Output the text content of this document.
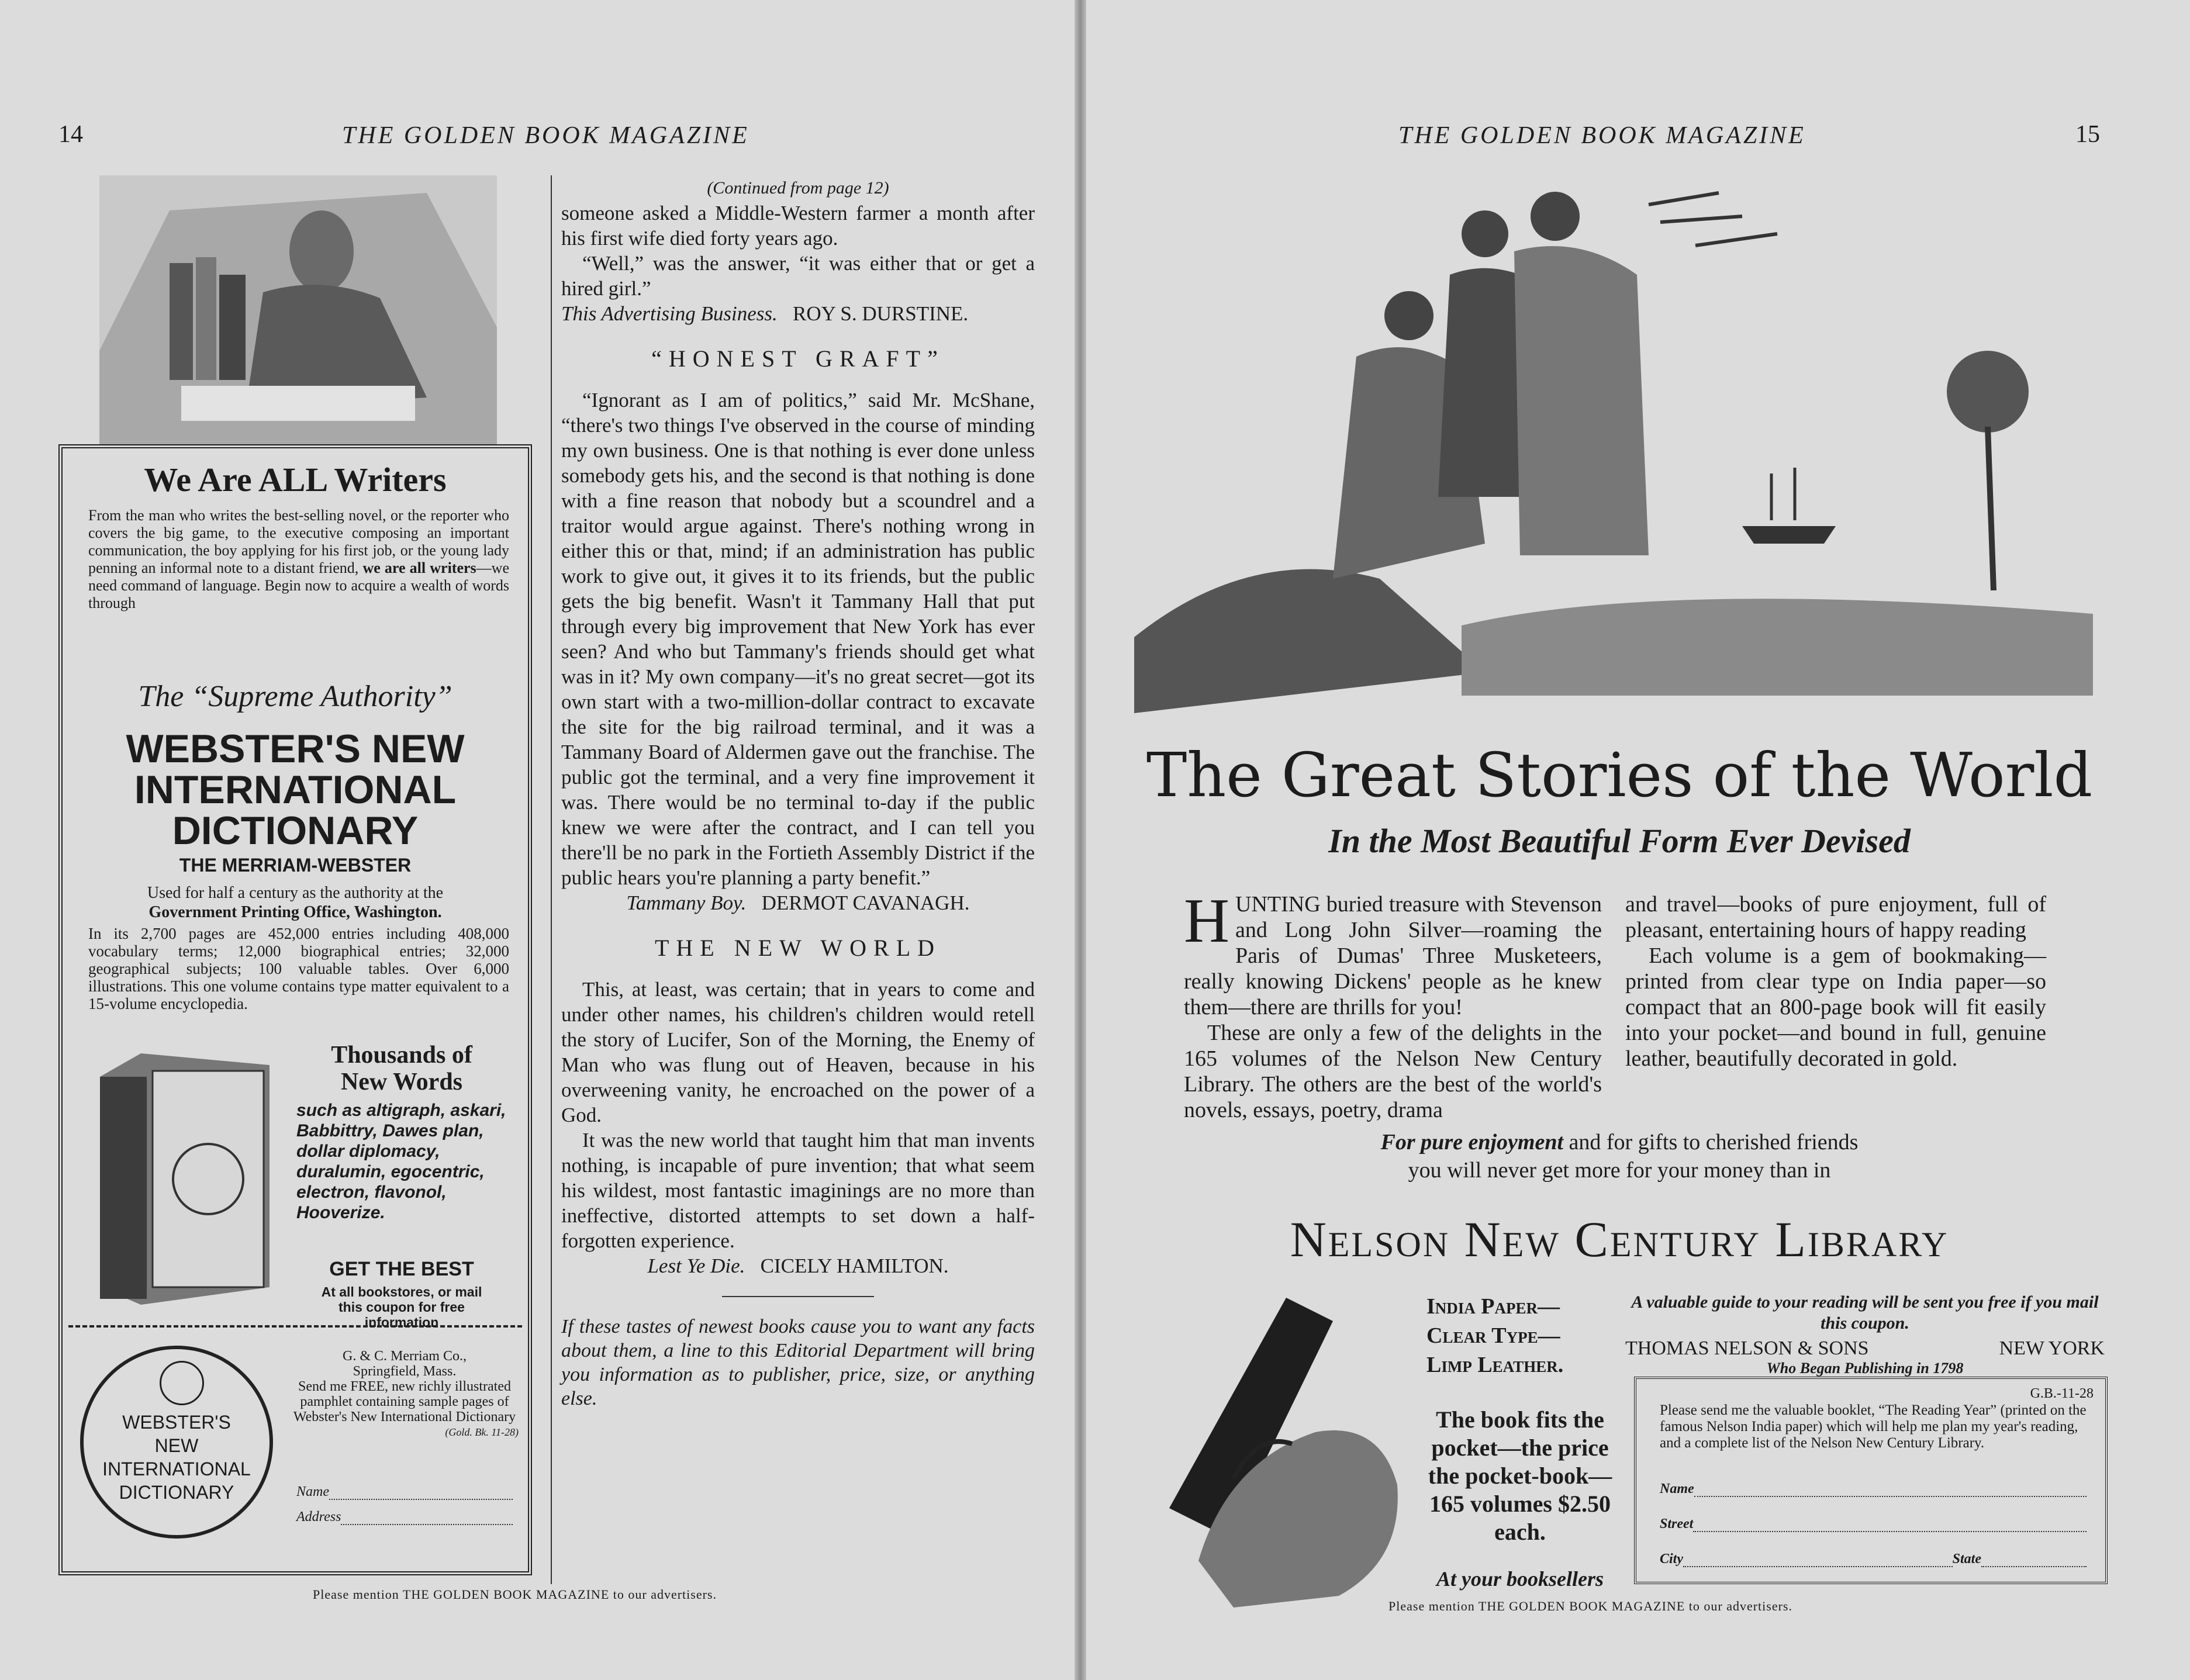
14	THE GOLDEN BOOK MAGAZINE
We Are ALL Writers
From the man who writes the best-selling novel, or the reporter who covers the big game, to the executive composing an important communication, the boy applying for his first job, or the young lady penning an informal note to a distant friend, we are all writers—we need command of language. Begin now to acquire a wealth of words through
The “Supreme Authority”
WEBSTER'S NEW
INTERNATIONAL
DICTIONARY
THE MERRIAM-WEBSTER
Used for half a century as the authority at the
Government Printing Office, Washington.
In its 2,700 pages are 452,000 entries including 408,000 vocabulary terms; 12,000 biographical entries; 32,000 geographical subjects; 100 valuable tables. Over 6,000 illustrations. This one volume contains type matter equivalent to a 15-volume encyclopedia.
Thousands of
New Words
such as altigraph, askari, Babbittry, Dawes plan, dollar diplomacy, duralumin, egocentric, electron, flavonol, Hooverize.
GET THE BEST
At all bookstores, or mail this coupon for free information
WEBSTER'S
NEW
INTERNATIONAL
DICTIONARY
G. & C. Merriam Co.,
Springfield, Mass.
Send me FREE, new richly illustrated pamphlet containing sample pages of Webster's New International Dictionary
(Gold. Bk. 11-28)
Name
Address

(Continued from page 12)

someone asked a Middle-Western farmer a month after his first wife died forty years ago.

“Well,” was the answer, “it was either that or get a hired girl.”

This Advertising Business. ROY S. DURSTINE.

“HONEST GRAFT”

“Ignorant as I am of politics,” said Mr. McShane, “there's two things I've observed in the course of minding my own business. One is that nothing is ever done unless somebody gets his, and the second is that nothing is done with a fine reason that nobody but a scoundrel and a traitor would argue against. There's nothing wrong in either this or that, mind; if an administration has public work to give out, it gives it to its friends, but the public gets the big benefit. Wasn't it Tammany Hall that put through every big improvement that New York has ever seen? And who but Tammany's friends should get what was in it? My own company—it's no great secret—got its own start with a two-million-dollar contract to excavate the site for the big railroad terminal, and it was a Tammany Board of Aldermen gave out the franchise. The public got the terminal, and a very fine improvement it was. There would be no terminal to-day if the public knew we were after the contract, and I can tell you there'll be no park in the Fortieth Assembly District if the public hears you're planning a party benefit.”

Tammany Boy. DERMOT CAVANAGH.

THE NEW WORLD

This, at least, was certain; that in years to come and under other names, his children's children would retell the story of Lucifer, Son of the Morning, the Enemy of Man who was flung out of Heaven, because in his overweening vanity, he encroached on the power of a God.

It was the new world that taught him that man invents nothing, is incapable of pure invention; that what seem his wildest, most fantastic imaginings are no more than ineffective, distorted attempts to set down a half-forgotten experience.

Lest Ye Die. CICELY HAMILTON.

If these tastes of newest books cause you to want any facts about them, a line to this Editorial Department will bring you information as to publisher, price, size, or anything else.

Please mention THE GOLDEN BOOK MAGAZINE to our advertisers.
THE GOLDEN BOOK MAGAZINE	15
The Great Stories of the World
In the Most Beautiful Form Ever Devised

HUNTING buried treasure with Stevenson and Long John Silver—roaming the Paris of Dumas' Three Musketeers, really knowing Dickens' people as he knew them—there are thrills for you!

These are only a few of the delights in the 165 volumes of the Nelson New Century Library. The others are the best of the world's novels, essays, poetry, drama

and travel—books of pure enjoyment, full of pleasant, entertaining hours of happy reading

Each volume is a gem of bookmaking—printed from clear type on India paper—so compact that an 800-page book will fit easily into your pocket—and bound in full, genuine leather, beautifully decorated in gold.

For pure enjoyment and for gifts to cherished friends
you will never get more for your money than in
Nelson New Century Library
India Paper—
Clear Type—
Limp Leather.
The book fits the pocket—the price the pocket-book—165 volumes $2.50 each.
At your booksellers
A valuable guide to your reading will be sent you free if you mail this coupon.
THOMAS NELSON & SONS	NEW YORK
Who Began Publishing in 1798
G.B.-11-28
Please send me the valuable booklet, “The Reading Year” (printed on the famous Nelson India paper) which will help me plan my year's reading, and a complete list of the Nelson New Century Library.
Name
Street
City	State
Please mention THE GOLDEN BOOK MAGAZINE to our advertisers.
